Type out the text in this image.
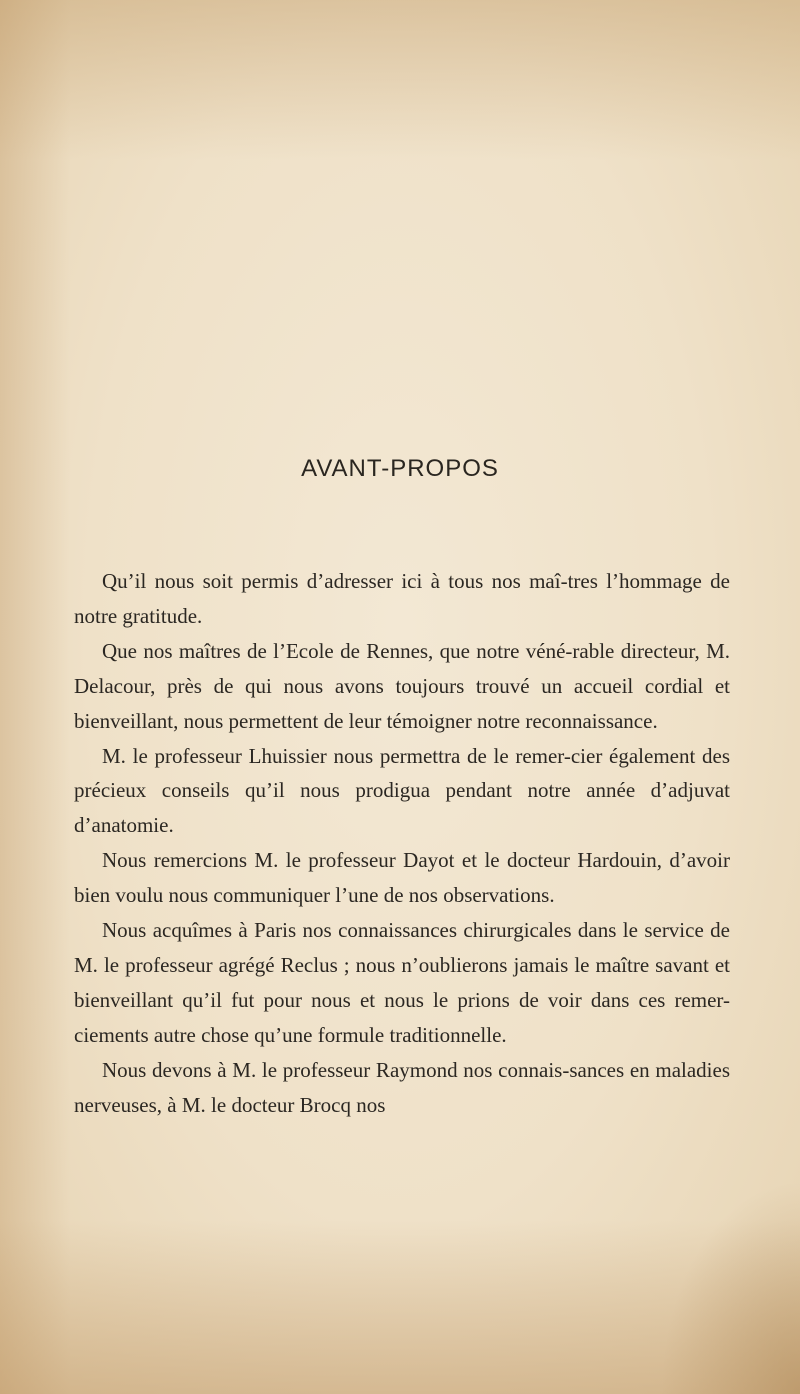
AVANT-PROPOS

Qu’il nous soit permis d’adresser ici à tous nos maî-tres l’hommage de notre gratitude.

Que nos maîtres de l’Ecole de Rennes, que notre véné-rable directeur, M. Delacour, près de qui nous avons toujours trouvé un accueil cordial et bienveillant, nous permettent de leur témoigner notre reconnaissance.

M. le professeur Lhuissier nous permettra de le remer-cier également des précieux conseils qu’il nous prodigua pendant notre année d’adjuvat d’anatomie.

Nous remercions M. le professeur Dayot et le docteur Hardouin, d’avoir bien voulu nous communiquer l’une de nos observations.

Nous acquîmes à Paris nos connaissances chirurgicales dans le service de M. le professeur agrégé Reclus ; nous n’oublierons jamais le maître savant et bienveillant qu’il fut pour nous et nous le prions de voir dans ces remer-ciements autre chose qu’une formule traditionnelle.

Nous devons à M. le professeur Raymond nos connais-sances en maladies nerveuses, à M. le docteur Brocq nos
